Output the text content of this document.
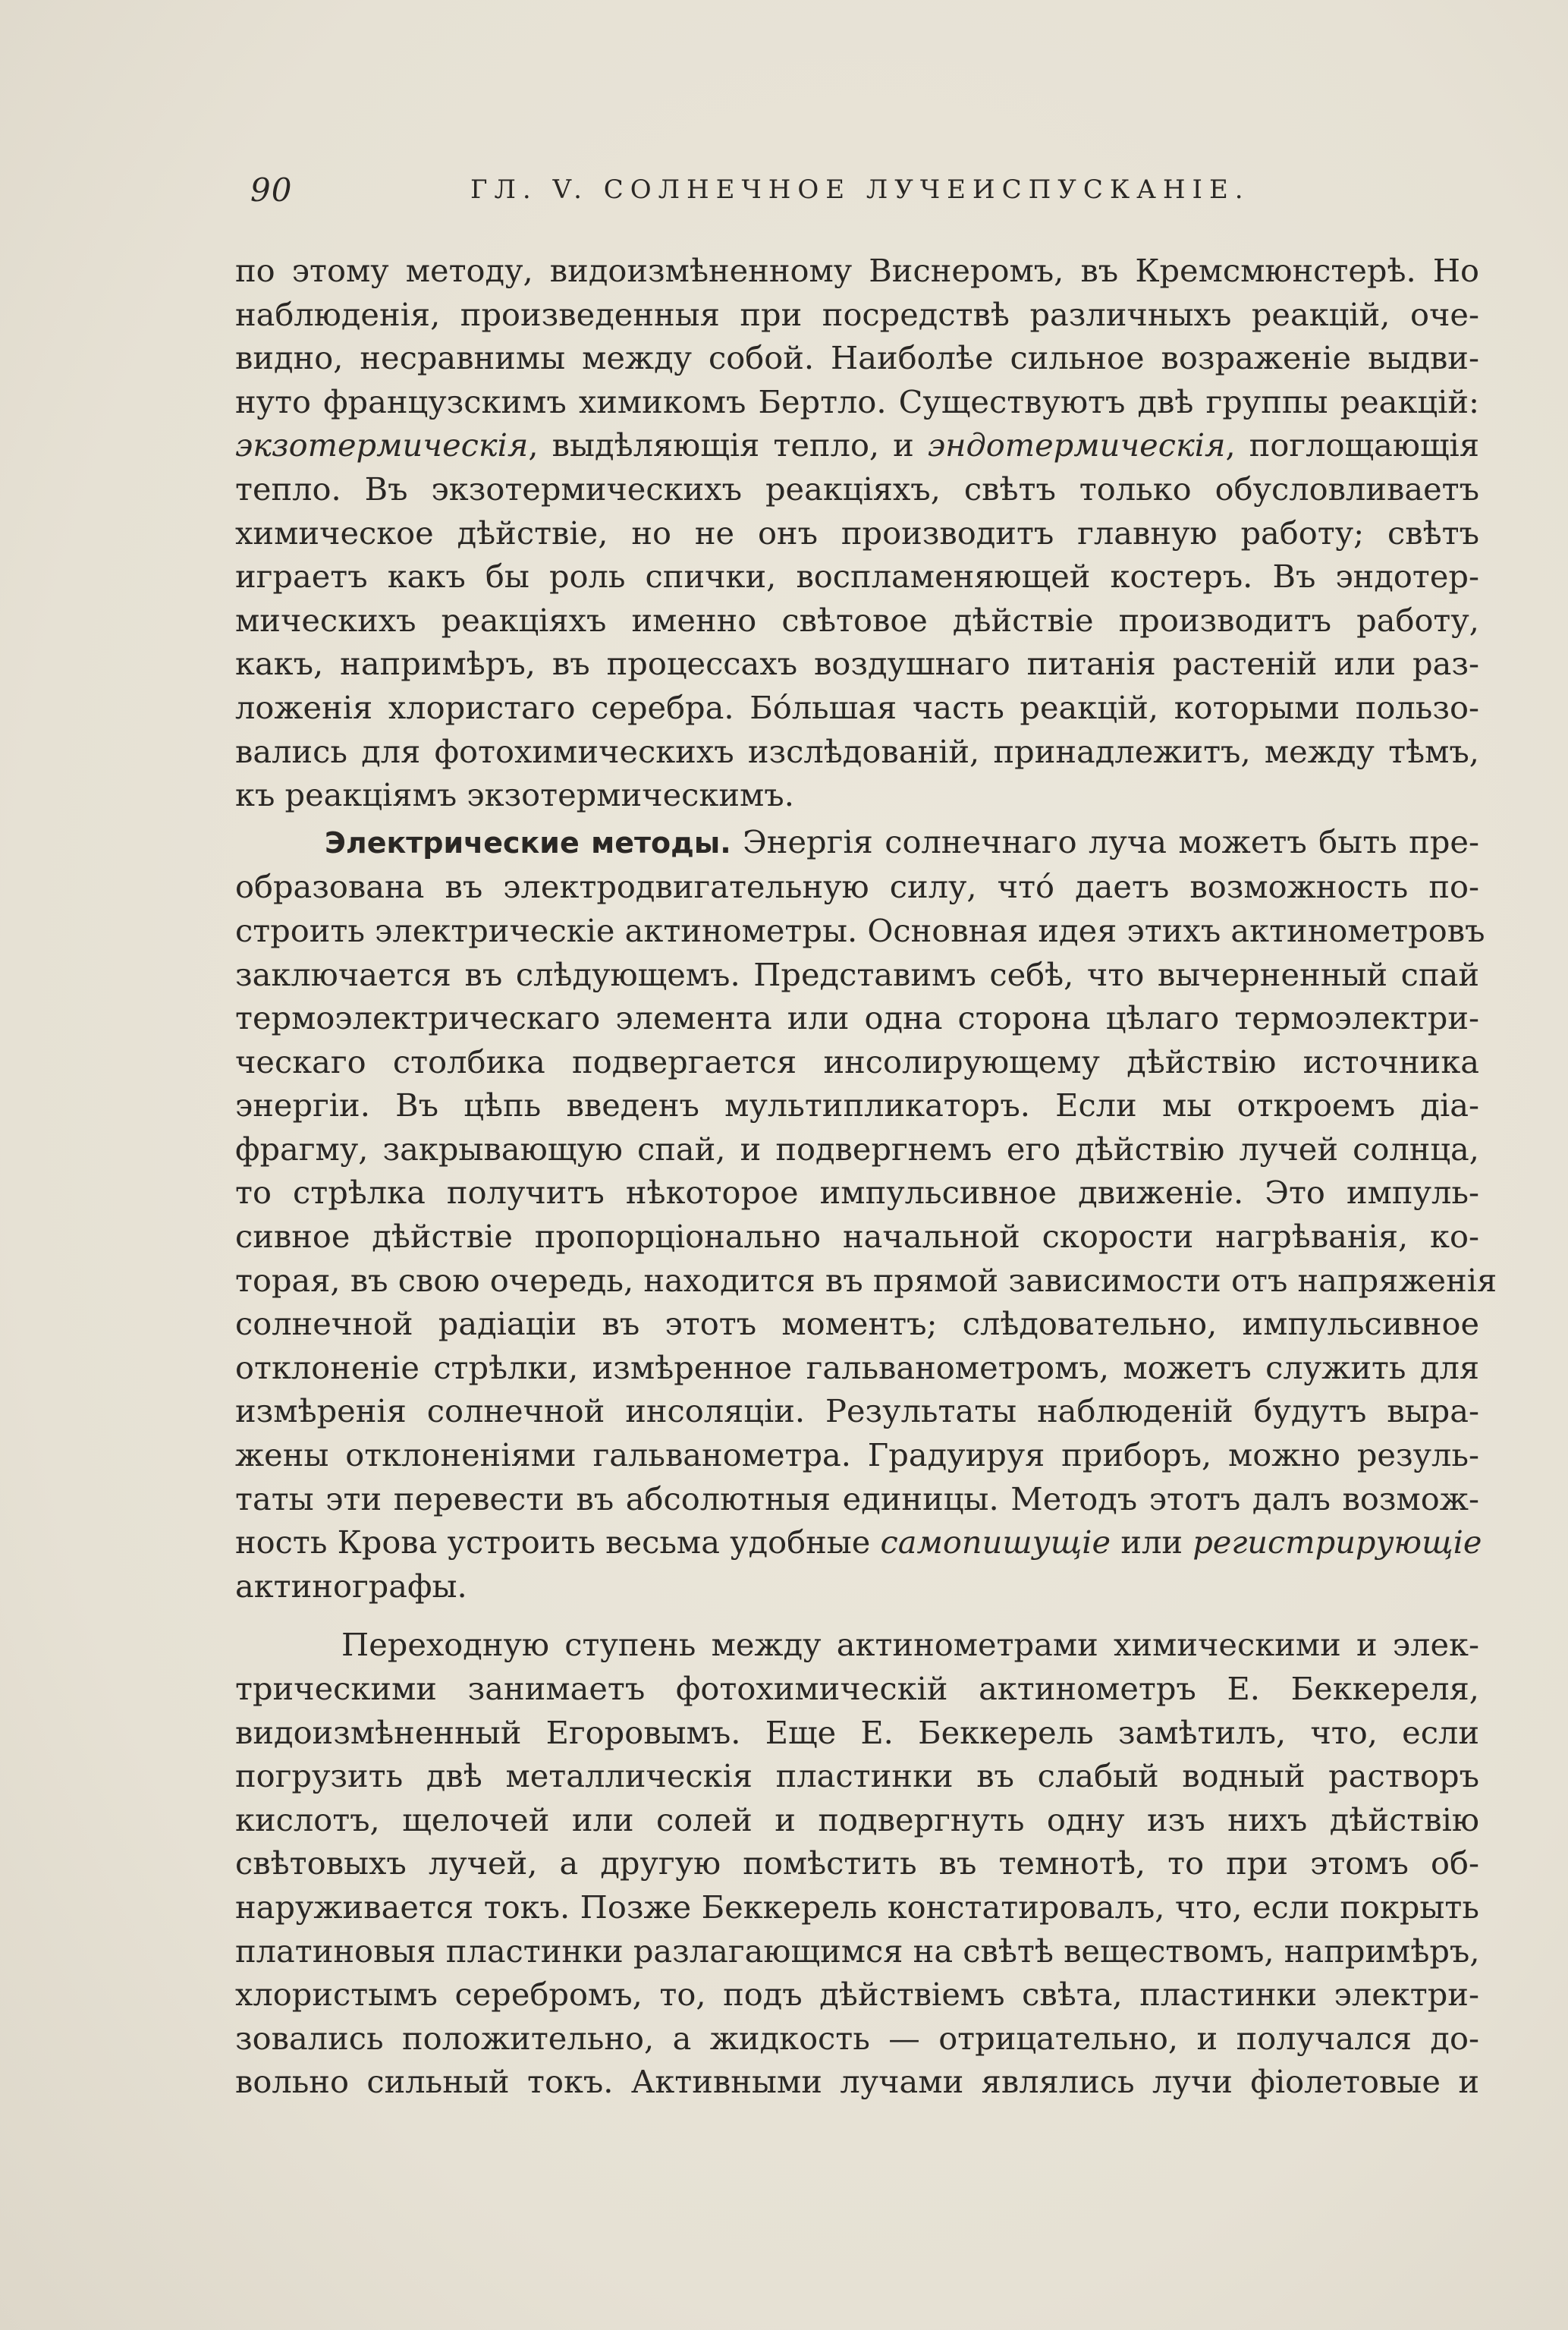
90	ГЛ. V. СОЛНЕЧНОЕ ЛУЧЕИСПУСКАНІЕ.
по этому методу, видоизмѣненному Виснеромъ, въ Кремсмюнстерѣ. Но
наблюденія, произведенныя при посредствѣ различныхъ реакцій, оче-
видно, несравнимы между собой. Наиболѣе сильное возраженіе выдви-
нуто французскимъ химикомъ Бертло. Существуютъ двѣ группы реакцій:
экзотермическія, выдѣляющія тепло, и эндотермическія, поглощающія
тепло. Въ экзотермическихъ реакціяхъ, свѣтъ только обусловливаетъ
химическое дѣйствіе, но не онъ производитъ главную работу; свѣтъ
играетъ какъ бы роль спички, воспламеняющей костеръ. Въ эндотер-
мическихъ реакціяхъ именно свѣтовое дѣйствіе производитъ работу,
какъ, напримѣръ, въ процессахъ воздушнаго питанія растеній или раз-
ложенія хлористаго серебра. Бо́льшая часть реакцій, которыми пользо-
вались для фотохимическихъ изслѣдованій, принадлежитъ, между тѣмъ,
къ реакціямъ экзотермическимъ.
Электрические методы. Энергія солнечнаго луча можетъ быть пре-
образована въ электродвигательную силу, что́ даетъ возможность по-
строить электрическіе актинометры. Основная идея этихъ актинометровъ
заключается въ слѣдующемъ. Представимъ себѣ, что вычерненный спай
термоэлектрическаго элемента или одна сторона цѣлаго термоэлектри-
ческаго столбика подвергается инсолирующему дѣйствію источника
энергіи. Въ цѣпь введенъ мультипликаторъ. Если мы откроемъ діа-
фрагму, закрывающую спай, и подвергнемъ его дѣйствію лучей солнца,
то стрѣлка получитъ нѣкоторое импульсивное движеніе. Это импуль-
сивное дѣйствіе пропорціонально начальной скорости нагрѣванія, ко-
торая, въ свою очередь, находится въ прямой зависимости отъ напряженія
солнечной радіаціи въ этотъ моментъ; слѣдовательно, импульсивное
отклоненіе стрѣлки, измѣренное гальванометромъ, можетъ служить для
измѣренія солнечной инсоляціи. Результаты наблюденій будутъ выра-
жены отклоненіями гальванометра. Градуируя приборъ, можно резуль-
таты эти перевести въ абсолютныя единицы. Методъ этотъ далъ возмож-
ность Крова устроить весьма удобные самопишущіе или регистрирующіе
актинографы.
Переходную ступень между актинометрами химическими и элек-
трическими занимаетъ фотохимическій актинометръ Е. Беккереля,
видоизмѣненный Егоровымъ. Еще Е. Беккерель замѣтилъ, что, если
погрузить двѣ металлическія пластинки въ слабый водный растворъ
кислотъ, щелочей или солей и подвергнуть одну изъ нихъ дѣйствію
свѣтовыхъ лучей, а другую помѣстить въ темнотѣ, то при этомъ об-
наруживается токъ. Позже Беккерель констатировалъ, что, если покрыть
платиновыя пластинки разлагающимся на свѣтѣ веществомъ, напримѣръ,
хлористымъ серебромъ, то, подъ дѣйствіемъ свѣта, пластинки электри-
зовались положительно, а жидкость — отрицательно, и получался до-
вольно сильный токъ. Активными лучами являлись лучи фіолетовые и
